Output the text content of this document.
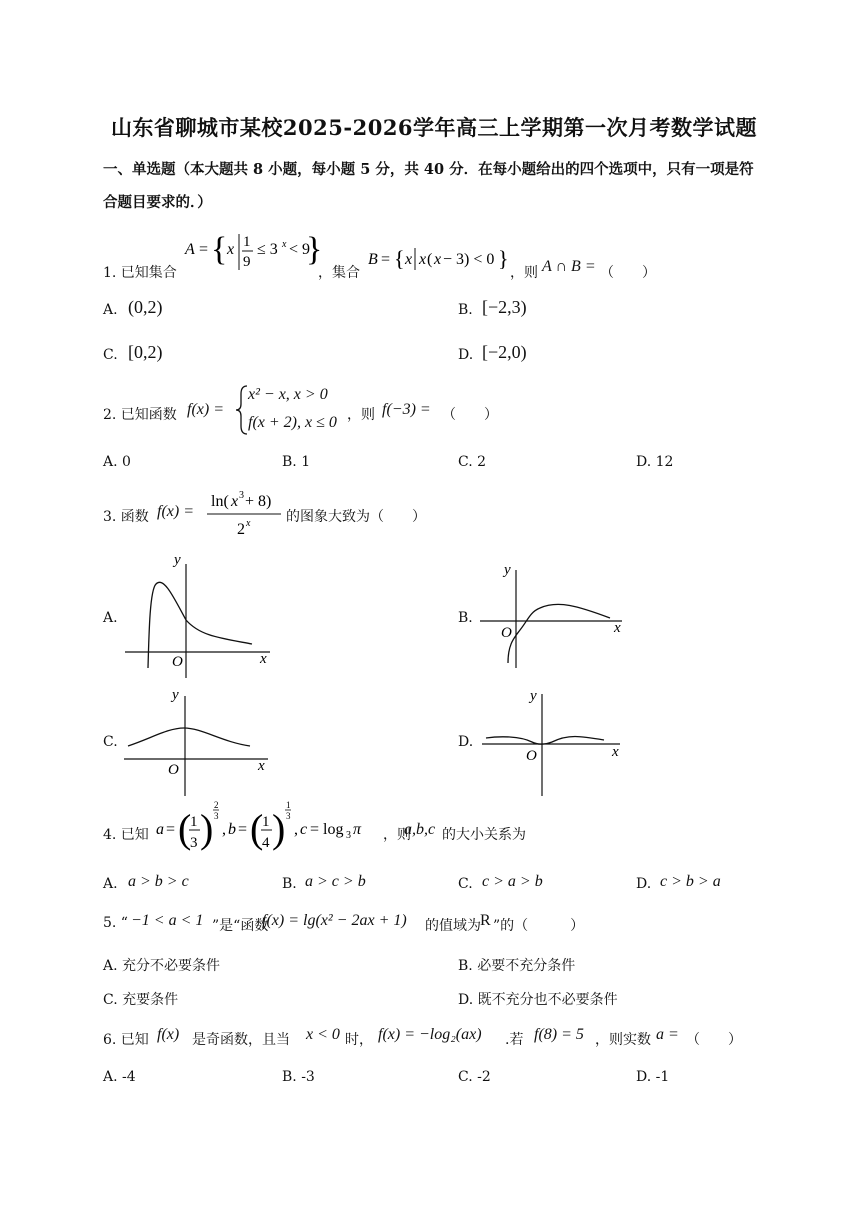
山东省聊城市某校2025-2026学年高三上学期第一次月考数学试题
一、单选题（本大题共 8 小题，每小题 5 分，共 40 分．在每小题给出的四个选项中，只有一项是符
合题目要求的．）
1. 已知集合
A = { x 1
9
≤ 3 x < 9
}
，集合
B = { x x ( x − 3) < 0 }
，则 A ∩ B = （　　）
A. (0,2)	B. [−2,3)
C. [0,2)	D. [−2,0)
2. 已知函数 f(x) =
x² − x, x > 0
f(x + 2), x ≤ 0 ，则 f(−3) = （　　）
A. 0	B. 1	C. 2	D. 12
3. 函数 f(x) =
ln( x 3 + 8)
2 x	的图象大致为（　　）
A.	B.
C.	D.
y
x
O
y
x
O
y
x
O
y
x
O
4. 已知 a = (
1
3 )
2
3
, b = (
1
4 )
1
3
, c = log 3 π ，则
a,b,c 的大小关系为
A. a > b > c	B. a > c > b	C. c > a > b	D. c > b > a
5. “ −1 < a < 1 ”是“函数
f(x) = lg(x² − 2ax + 1) 的值域为 R ”的（　　　）
A. 充分不必要条件	B. 必要不充分条件
C. 充要条件	D. 既不充分也不必要条件
6. 已知 f(x) 是奇函数，且当 x < 0 时， f(x) = −log₂(ax) .若 f(8) = 5 ，则实数 a = （　　）
A. -4	B. -3	C. -2	D. -1
